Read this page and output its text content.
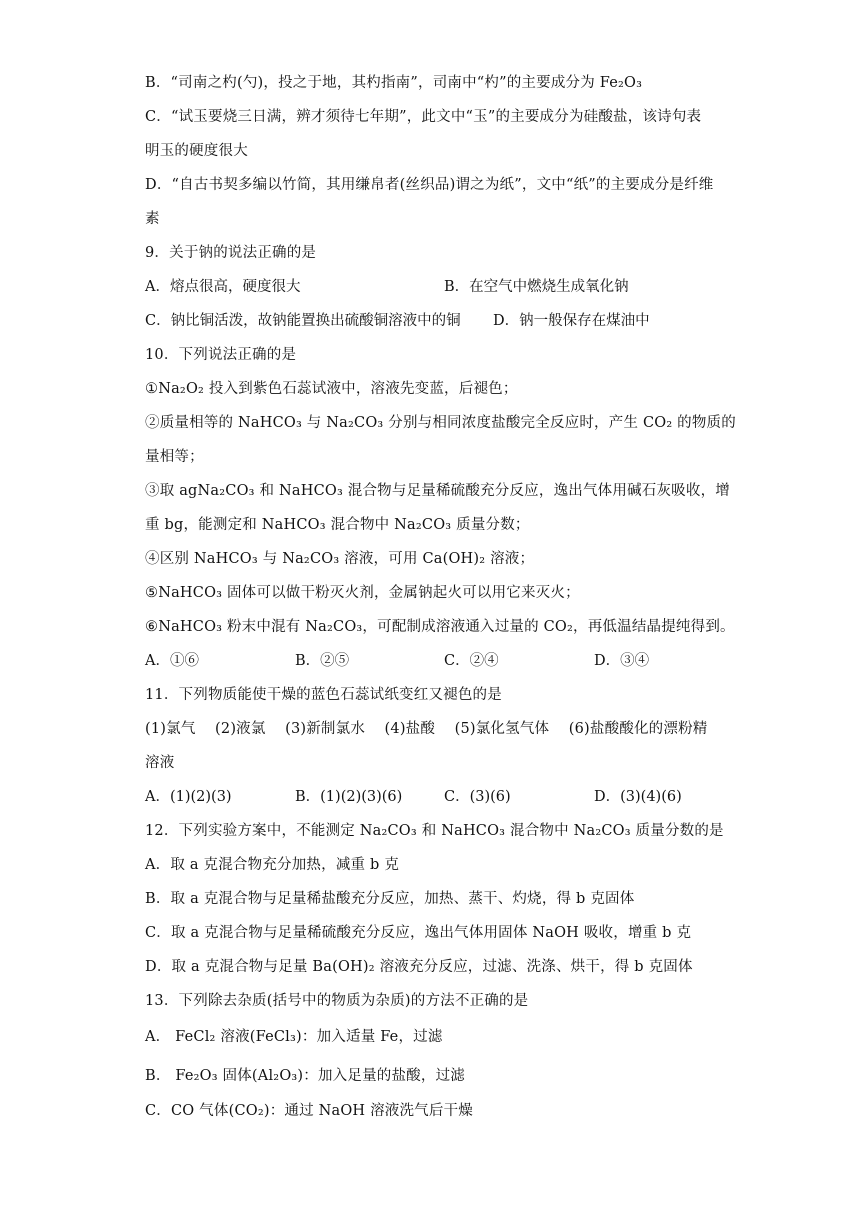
B．“司南之杓(勺)，投之于地，其杓指南”，司南中“杓”的主要成分为 Fe₂O₃
C．“试玉要烧三日满，辨才须待七年期”，此文中“玉”的主要成分为硅酸盐，该诗句表
明玉的硬度很大
D．“自古书契多编以竹简，其用缣帛者(丝织品)谓之为纸”，文中“纸”的主要成分是纤维
素
9．关于钠的说法正确的是
A．熔点很高，硬度很大	B．在空气中燃烧生成氧化钠
C．钠比铜活泼，故钠能置换出硫酸铜溶液中的铜 D．钠一般保存在煤油中
10．下列说法正确的是
①Na₂O₂ 投入到紫色石蕊试液中，溶液先变蓝，后褪色；
②质量相等的 NaHCO₃ 与 Na₂CO₃ 分别与相同浓度盐酸完全反应时，产生 CO₂ 的物质的
量相等；
③取 agNa₂CO₃ 和 NaHCO₃ 混合物与足量稀硫酸充分反应，逸出气体用碱石灰吸收，增
重 bg，能测定和 NaHCO₃ 混合物中 Na₂CO₃ 质量分数；
④区别 NaHCO₃ 与 Na₂CO₃ 溶液，可用 Ca(OH)₂ 溶液；
⑤NaHCO₃ 固体可以做干粉灭火剂，金属钠起火可以用它来灭火；
⑥NaHCO₃ 粉末中混有 Na₂CO₃，可配制成溶液通入过量的 CO₂，再低温结晶提纯得到。
A．①⑥	B．②⑤	C．②④	D．③④
11．下列物质能使干燥的蓝色石蕊试纸变红又褪色的是
(1)氯气　 (2)液氯　 (3)新制氯水　 (4)盐酸　 (5)氯化氢气体　 (6)盐酸酸化的漂粉精
溶液
A．(1)(2)(3)	B．(1)(2)(3)(6)	C．(3)(6)	D．(3)(4)(6)
12．下列实验方案中，不能测定 Na₂CO₃ 和 NaHCO₃ 混合物中 Na₂CO₃ 质量分数的是
A．取 a 克混合物充分加热，减重 b 克
B．取 a 克混合物与足量稀盐酸充分反应，加热、蒸干、灼烧，得 b 克固体
C．取 a 克混合物与足量稀硫酸充分反应，逸出气体用固体 NaOH 吸收，增重 b 克
D．取 a 克混合物与足量 Ba(OH)₂ 溶液充分反应，过滤、洗涤、烘干，得 b 克固体
13．下列除去杂质(括号中的物质为杂质)的方法不正确的是
A． FeCl₂ 溶液(FeCl₃)：加入适量 Fe，过滤
B． Fe₂O₃ 固体(Al₂O₃)：加入足量的盐酸，过滤
C．CO 气体(CO₂)：通过 NaOH 溶液洗气后干燥
